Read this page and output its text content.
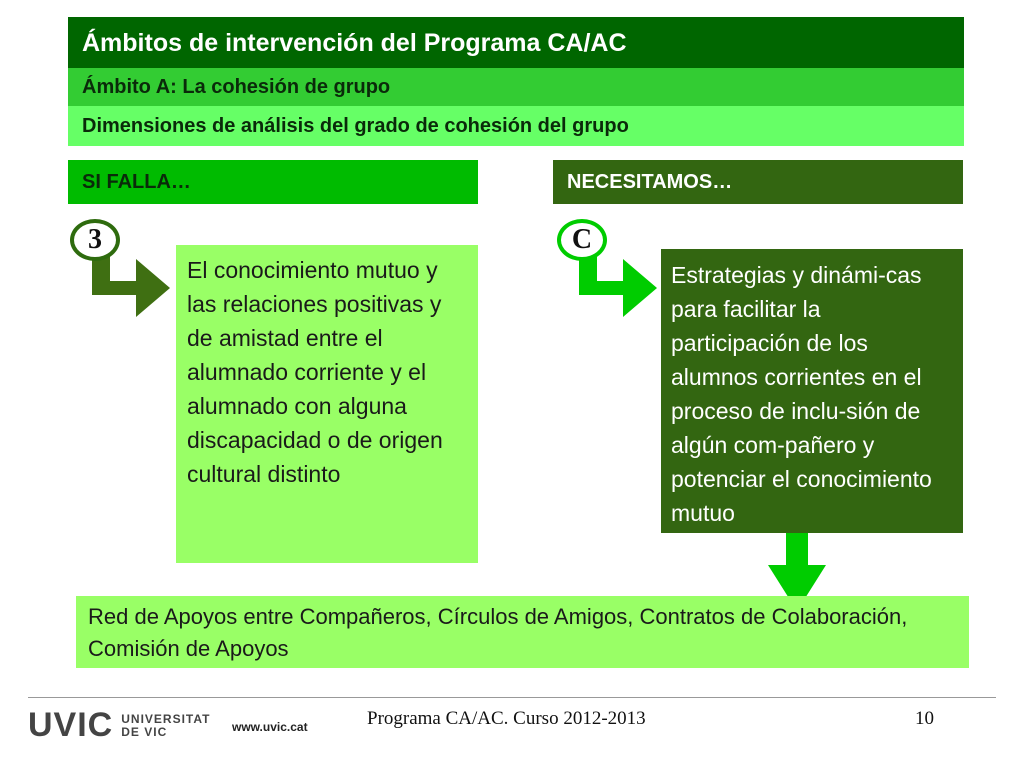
Ámbitos de intervención del Programa CA/AC
Ámbito A: La cohesión de grupo
Dimensiones de análisis del grado de cohesión del grupo
SI FALLA…	NECESITAMOS…
3	C
El conocimiento mutuo y las relaciones positivas y de amistad entre el alumnado corriente y el alumnado con alguna discapacidad o de origen cultural distinto
Estrategias y dinámi-cas para facilitar la participación de los alumnos corrientes en el proceso de inclu-sión de algún com-pañero y potenciar el conocimiento mutuo
Red de Apoyos entre Compañeros, Círculos de Amigos, Contratos de Colaboración, Comisión de Apoyos
UVIC UNIVERSITAT
DE VIC	www.uvic.cat	Programa CA/AC. Curso 2012-2013	10
